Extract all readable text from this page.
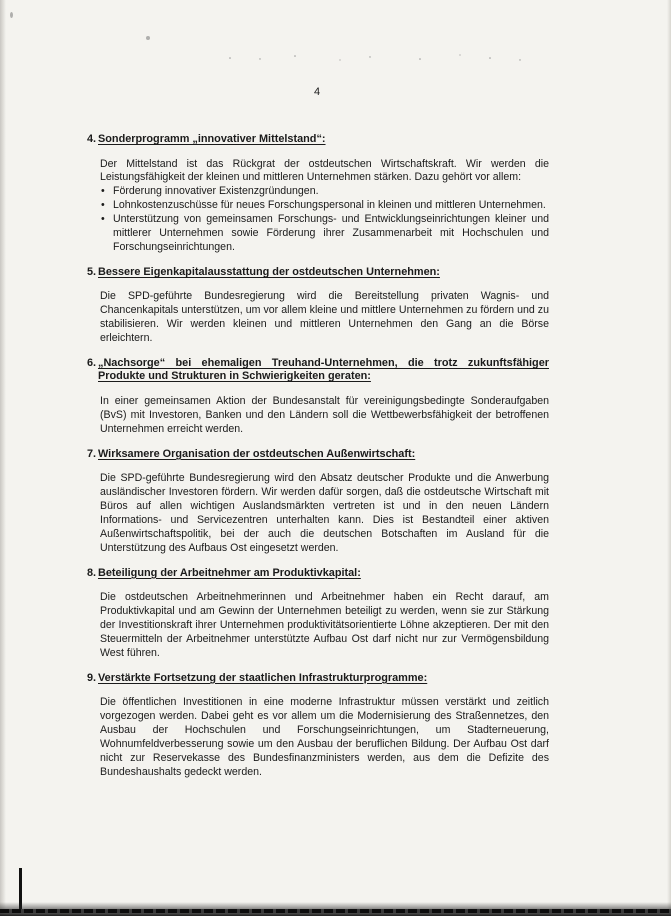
4
4. Sonderprogramm „innovativer Mittelstand“:
Der Mittelstand ist das Rückgrat der ostdeutschen Wirtschaftskraft. Wir werden die Leistungsfähigkeit der kleinen und mittleren Unternehmen stärken. Dazu gehört vor allem:
• Förderung innovativer Existenzgründungen.
• Lohnkostenzuschüsse für neues Forschungspersonal in kleinen und mittleren Unternehmen.
• Unterstützung von gemeinsamen Forschungs- und Entwicklungseinrichtungen kleiner und mittlerer Unternehmen sowie Förderung ihrer Zusammenarbeit mit Hochschulen und Forschungseinrichtungen.
5. Bessere Eigenkapitalausstattung der ostdeutschen Unternehmen:
Die SPD-geführte Bundesregierung wird die Bereitstellung privaten Wagnis- und Chancenkapitals unterstützen, um vor allem kleine und mittlere Unternehmen zu fördern und zu stabilisieren. Wir werden kleinen und mittleren Unternehmen den Gang an die Börse erleichtern.
6. „Nachsorge“ bei ehemaligen Treuhand-Unternehmen, die trotz zukunftsfähiger Produkte und Strukturen in Schwierigkeiten geraten:
In einer gemeinsamen Aktion der Bundesanstalt für vereinigungsbedingte Sonderaufgaben (BvS) mit Investoren, Banken und den Ländern soll die Wettbewerbsfähigkeit der betroffenen Unternehmen erreicht werden.
7. Wirksamere Organisation der ostdeutschen Außenwirtschaft:
Die SPD-geführte Bundesregierung wird den Absatz deutscher Produkte und die Anwerbung ausländischer Investoren fördern. Wir werden dafür sorgen, daß die ostdeutsche Wirtschaft mit Büros auf allen wichtigen Auslandsmärkten vertreten ist und in den neuen Ländern Informations- und Servicezentren unterhalten kann. Dies ist Bestandteil einer aktiven Außenwirtschaftspolitik, bei der auch die deutschen Botschaften im Ausland für die Unterstützung des Aufbaus Ost eingesetzt werden.
8. Beteiligung der Arbeitnehmer am Produktivkapital:
Die ostdeutschen Arbeitnehmerinnen und Arbeitnehmer haben ein Recht darauf, am Produktivkapital und am Gewinn der Unternehmen beteiligt zu werden, wenn sie zur Stärkung der Investitionskraft ihrer Unternehmen produktivitätsorientierte Löhne akzeptieren. Der mit den Steuermitteln der Arbeitnehmer unterstützte Aufbau Ost darf nicht nur zur Vermögensbildung West führen.
9. Verstärkte Fortsetzung der staatlichen Infrastrukturprogramme:
Die öffentlichen Investitionen in eine moderne Infrastruktur müssen verstärkt und zeitlich vorgezogen werden. Dabei geht es vor allem um die Modernisierung des Straßennetzes, den Ausbau der Hochschulen und Forschungseinrichtungen, um Stadterneuerung, Wohnumfeldverbesserung sowie um den Ausbau der beruflichen Bildung. Der Aufbau Ost darf nicht zur Reservekasse des Bundesfinanzministers werden, aus dem die Defizite des Bundeshaushalts gedeckt werden.
